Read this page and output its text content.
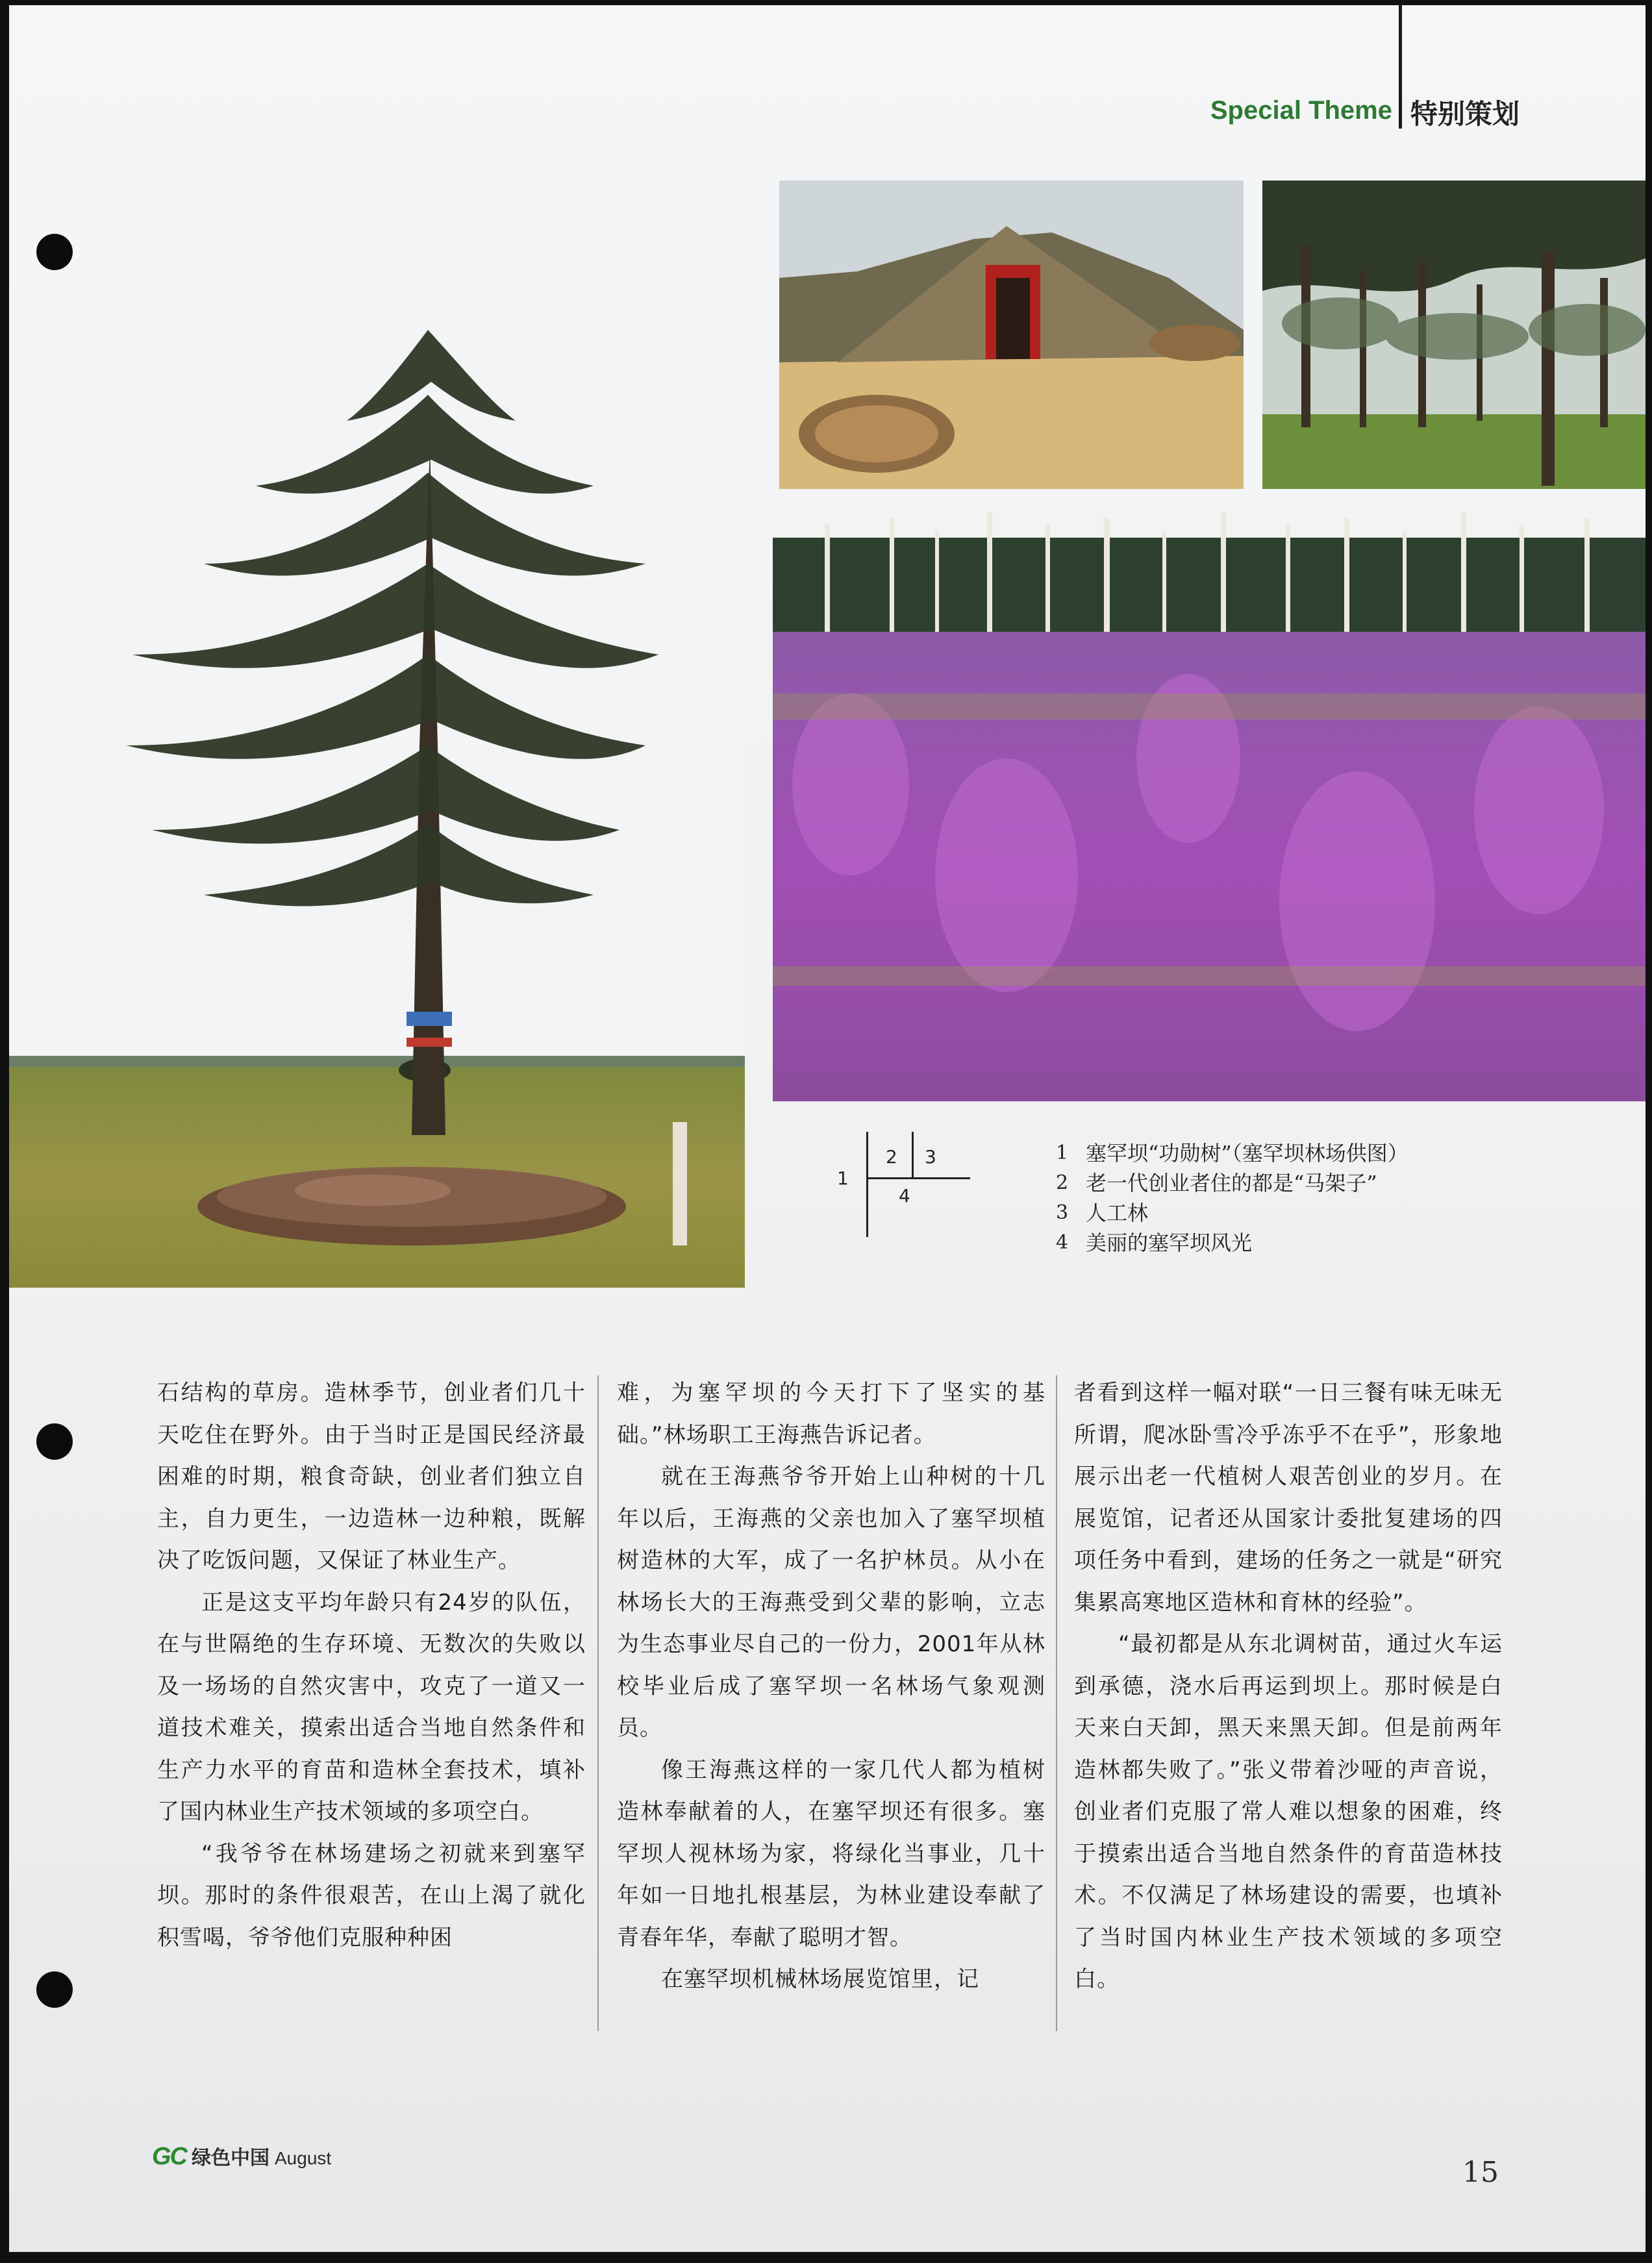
Special Theme 特别策划
1
2 3
4
1 塞罕坝“功勋树”（塞罕坝林场供图）
2 老一代创业者住的都是“马架子”
3 人工林
4 美丽的塞罕坝风光

石结构的草房。造林季节，创业者们几十天吃住在野外。由于当时正是国民经济最困难的时期，粮食奇缺，创业者们独立自主，自力更生，一边造林一边种粮，既解决了吃饭问题，又保证了林业生产。

正是这支平均年龄只有24岁的队伍，在与世隔绝的生存环境、无数次的失败以及一场场的自然灾害中，攻克了一道又一道技术难关，摸索出适合当地自然条件和生产力水平的育苗和造林全套技术，填补了国内林业生产技术领域的多项空白。

“我爷爷在林场建场之初就来到塞罕坝。那时的条件很艰苦，在山上渴了就化积雪喝，爷爷他们克服种种困

难，为塞罕坝的今天打下了坚实的基础。”林场职工王海燕告诉记者。

就在王海燕爷爷开始上山种树的十几年以后，王海燕的父亲也加入了塞罕坝植树造林的大军，成了一名护林员。从小在林场长大的王海燕受到父辈的影响，立志为生态事业尽自己的一份力，2001年从林校毕业后成了塞罕坝一名林场气象观测员。

像王海燕这样的一家几代人都为植树造林奉献着的人，在塞罕坝还有很多。塞罕坝人视林场为家，将绿化当事业，几十年如一日地扎根基层，为林业建设奉献了青春年华，奉献了聪明才智。

在塞罕坝机械林场展览馆里，记

者看到这样一幅对联“一日三餐有味无味无所谓，爬冰卧雪冷乎冻乎不在乎”，形象地展示出老一代植树人艰苦创业的岁月。在展览馆，记者还从国家计委批复建场的四项任务中看到，建场的任务之一就是“研究集累高寒地区造林和育林的经验”。

“最初都是从东北调树苗，通过火车运到承德，浇水后再运到坝上。那时候是白天来白天卸，黑天来黑天卸。但是前两年造林都失败了。”张义带着沙哑的声音说，创业者们克服了常人难以想象的困难，终于摸索出适合当地自然条件的育苗造林技术。不仅满足了林场建设的需要，也填补了当时国内林业生产技术领域的多项空白。

GC 绿色中国 August	15
